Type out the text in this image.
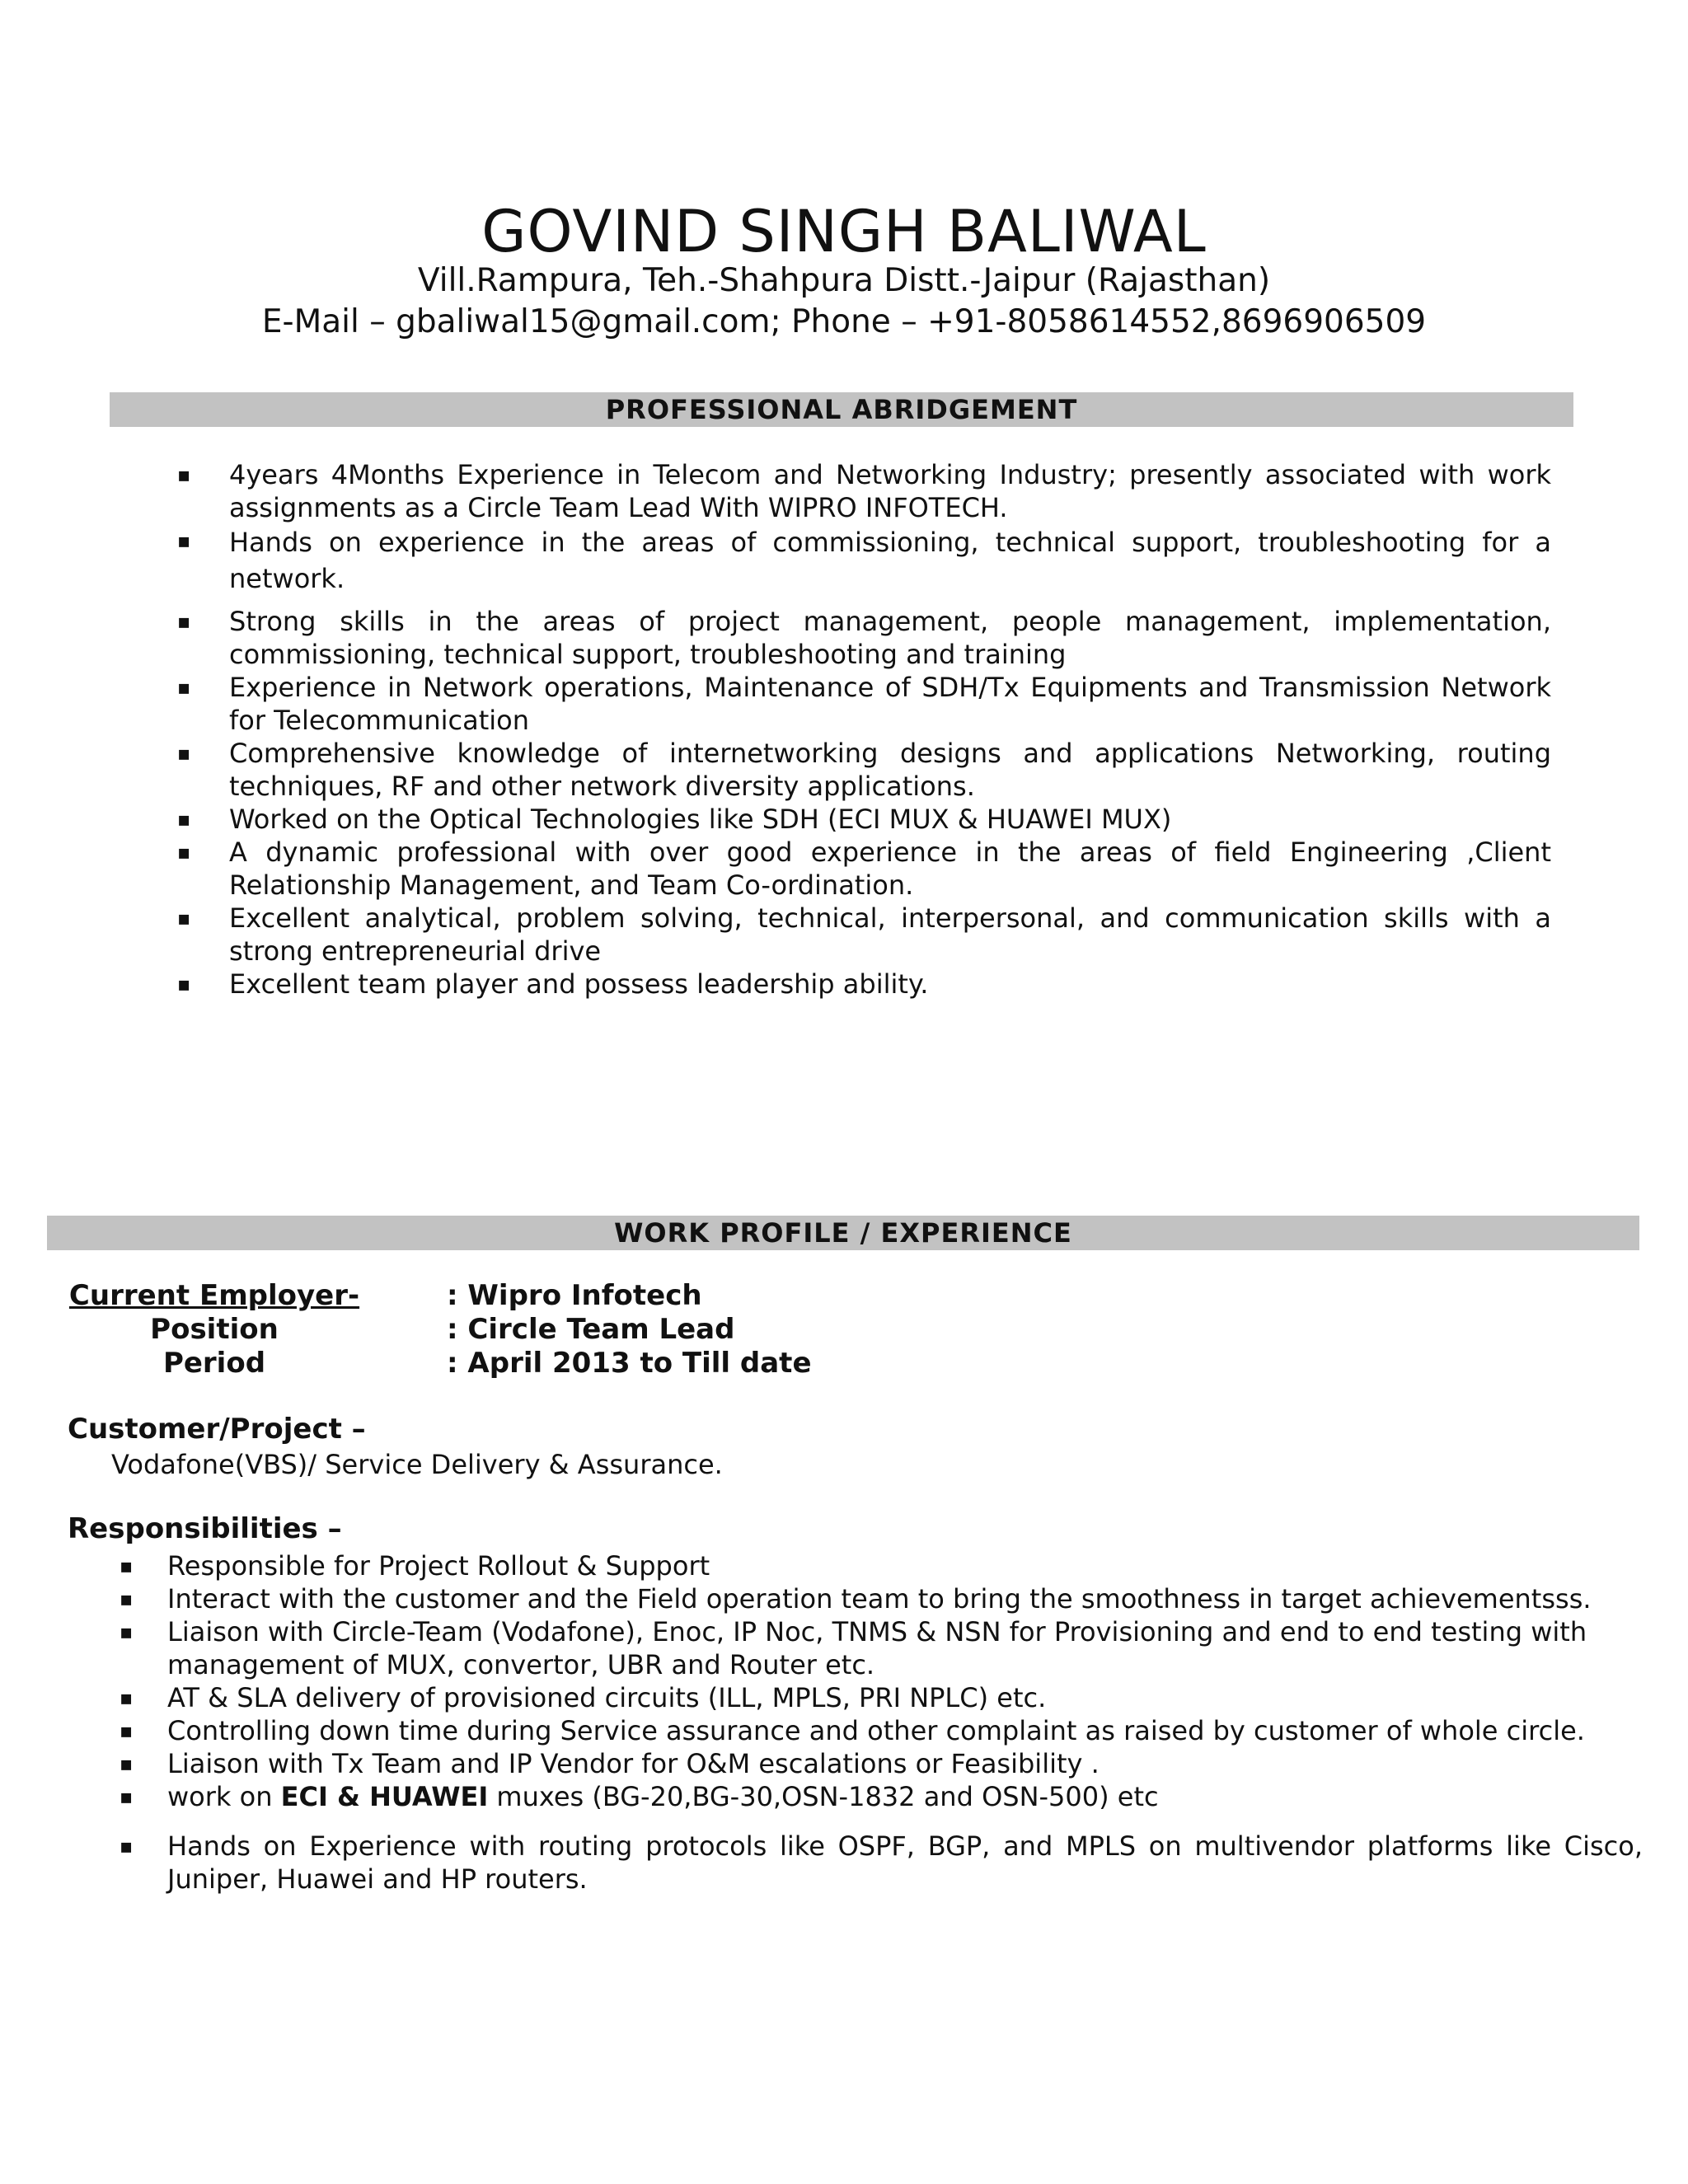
GOVIND SINGH BALIWAL
Vill.Rampura, Teh.-Shahpura Distt.-Jaipur (Rajasthan)
E-Mail – gbaliwal15@gmail.com; Phone – +91-8058614552,8696906509
PROFESSIONAL ABRIDGEMENT
▪ 4years 4Months Experience in Telecom and Networking Industry; presently associated with work assignments as a Circle Team Lead With WIPRO INFOTECH.
▪ Hands on experience in the areas of commissioning, technical support, troubleshooting for a network.
▪ Strong skills in the areas of project management, people management, implementation, commissioning, technical support, troubleshooting and training
▪ Experience in Network operations, Maintenance of SDH/Tx Equipments and Transmission Network for Telecommunication
▪ Comprehensive knowledge of internetworking designs and applications Networking, routing techniques, RF and other network diversity applications.
▪ Worked on the Optical Technologies like SDH (ECI MUX & HUAWEI MUX)
▪ A dynamic professional with over good experience in the areas of field Engineering ,Client Relationship Management, and Team Co-ordination.
▪ Excellent analytical, problem solving, technical, interpersonal, and communication skills with a strong entrepreneurial drive
▪ Excellent team player and possess leadership ability.
WORK PROFILE / EXPERIENCE
Current Employer-	: Wipro Infotech
Position	: Circle Team Lead
Period	: April 2013 to Till date
Customer/Project –
Vodafone(VBS)/ Service Delivery & Assurance.
Responsibilities –
▪ Responsible for Project Rollout & Support
▪ Interact with the customer and the Field operation team to bring the smoothness in target achievementsss.
▪ Liaison with Circle-Team (Vodafone), Enoc, IP Noc, TNMS & NSN for Provisioning and end to end testing with management of MUX, convertor, UBR and Router etc.
▪ AT & SLA delivery of provisioned circuits (ILL, MPLS, PRI NPLC) etc.
▪ Controlling down time during Service assurance and other complaint as raised by customer of whole circle.
▪ Liaison with Tx Team and IP Vendor for O&M escalations or Feasibility .
▪ work on ECI & HUAWEI muxes (BG-20,BG-30,OSN-1832 and OSN-500) etc
▪ Hands on Experience with routing protocols like OSPF, BGP, and MPLS on multivendor platforms like Cisco, Juniper, Huawei and HP routers.
